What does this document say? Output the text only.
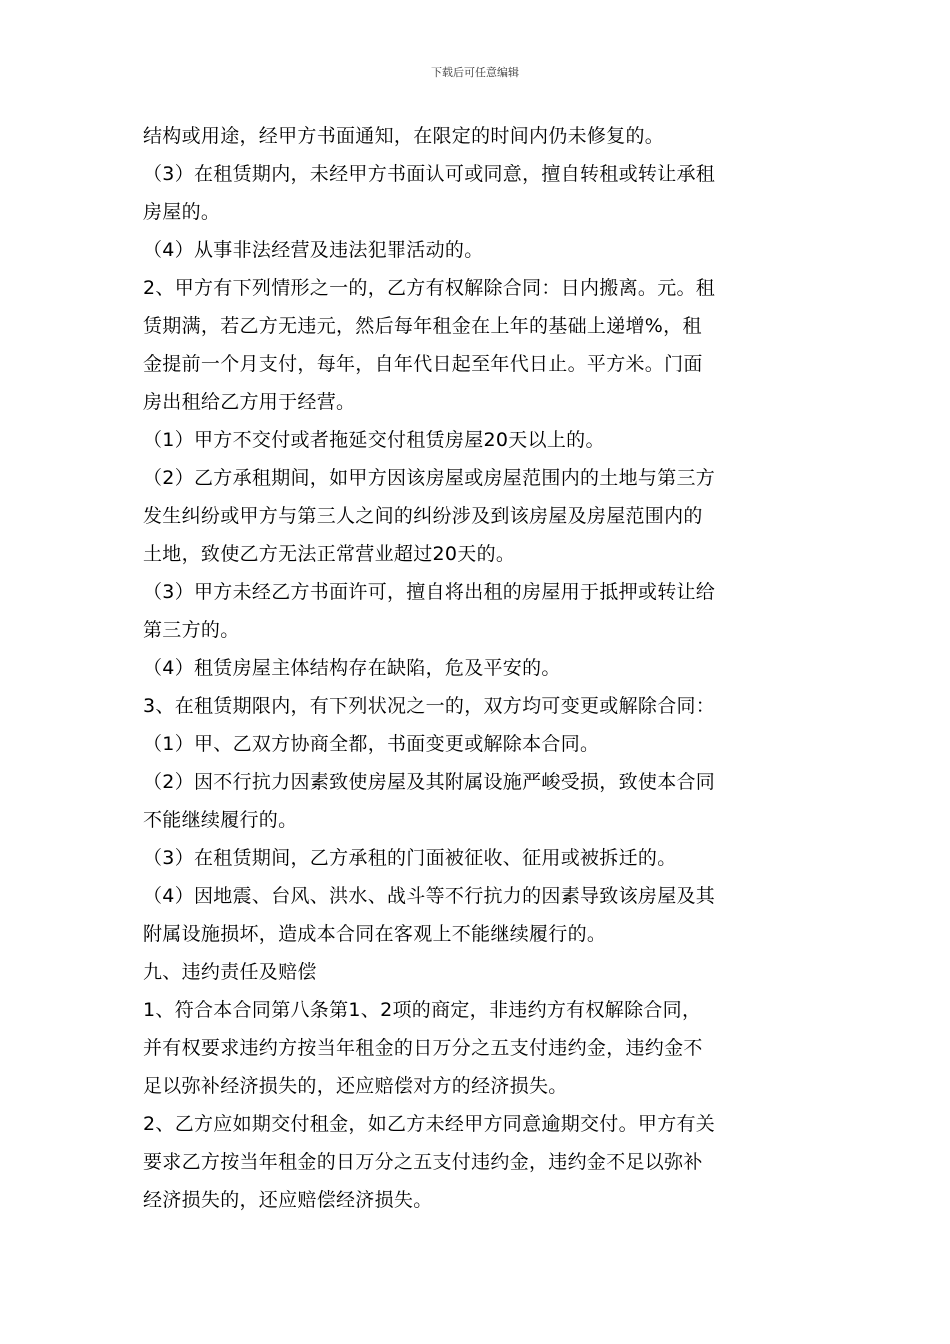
下载后可任意编辑
结构或用途，经甲方书面通知，在限定的时间内仍未修复的。
（3）在租赁期内，未经甲方书面认可或同意，擅自转租或转让承租
房屋的。
（4）从事非法经营及违法犯罪活动的。
2、甲方有下列情形之一的，乙方有权解除合同：日内搬离。元。租
赁期满，若乙方无违元，然后每年租金在上年的基础上递增%，租
金提前一个月支付，每年，自年代日起至年代日止。平方米。门面
房出租给乙方用于经营。
（1）甲方不交付或者拖延交付租赁房屋20天以上的。
（2）乙方承租期间，如甲方因该房屋或房屋范围内的土地与第三方
发生纠纷或甲方与第三人之间的纠纷涉及到该房屋及房屋范围内的
土地，致使乙方无法正常营业超过20天的。
（3）甲方未经乙方书面许可，擅自将出租的房屋用于抵押或转让给
第三方的。
（4）租赁房屋主体结构存在缺陷，危及平安的。
3、在租赁期限内，有下列状况之一的，双方均可变更或解除合同：
（1）甲、乙双方协商全都，书面变更或解除本合同。
（2）因不行抗力因素致使房屋及其附属设施严峻受损，致使本合同
不能继续履行的。
（3）在租赁期间，乙方承租的门面被征收、征用或被拆迁的。
（4）因地震、台风、洪水、战斗等不行抗力的因素导致该房屋及其
附属设施损坏，造成本合同在客观上不能继续履行的。
九、违约责任及赔偿
1、符合本合同第八条第1、2项的商定，非违约方有权解除合同，
并有权要求违约方按当年租金的日万分之五支付违约金，违约金不
足以弥补经济损失的，还应赔偿对方的经济损失。
2、乙方应如期交付租金，如乙方未经甲方同意逾期交付。甲方有关
要求乙方按当年租金的日万分之五支付违约金，违约金不足以弥补
经济损失的，还应赔偿经济损失。
